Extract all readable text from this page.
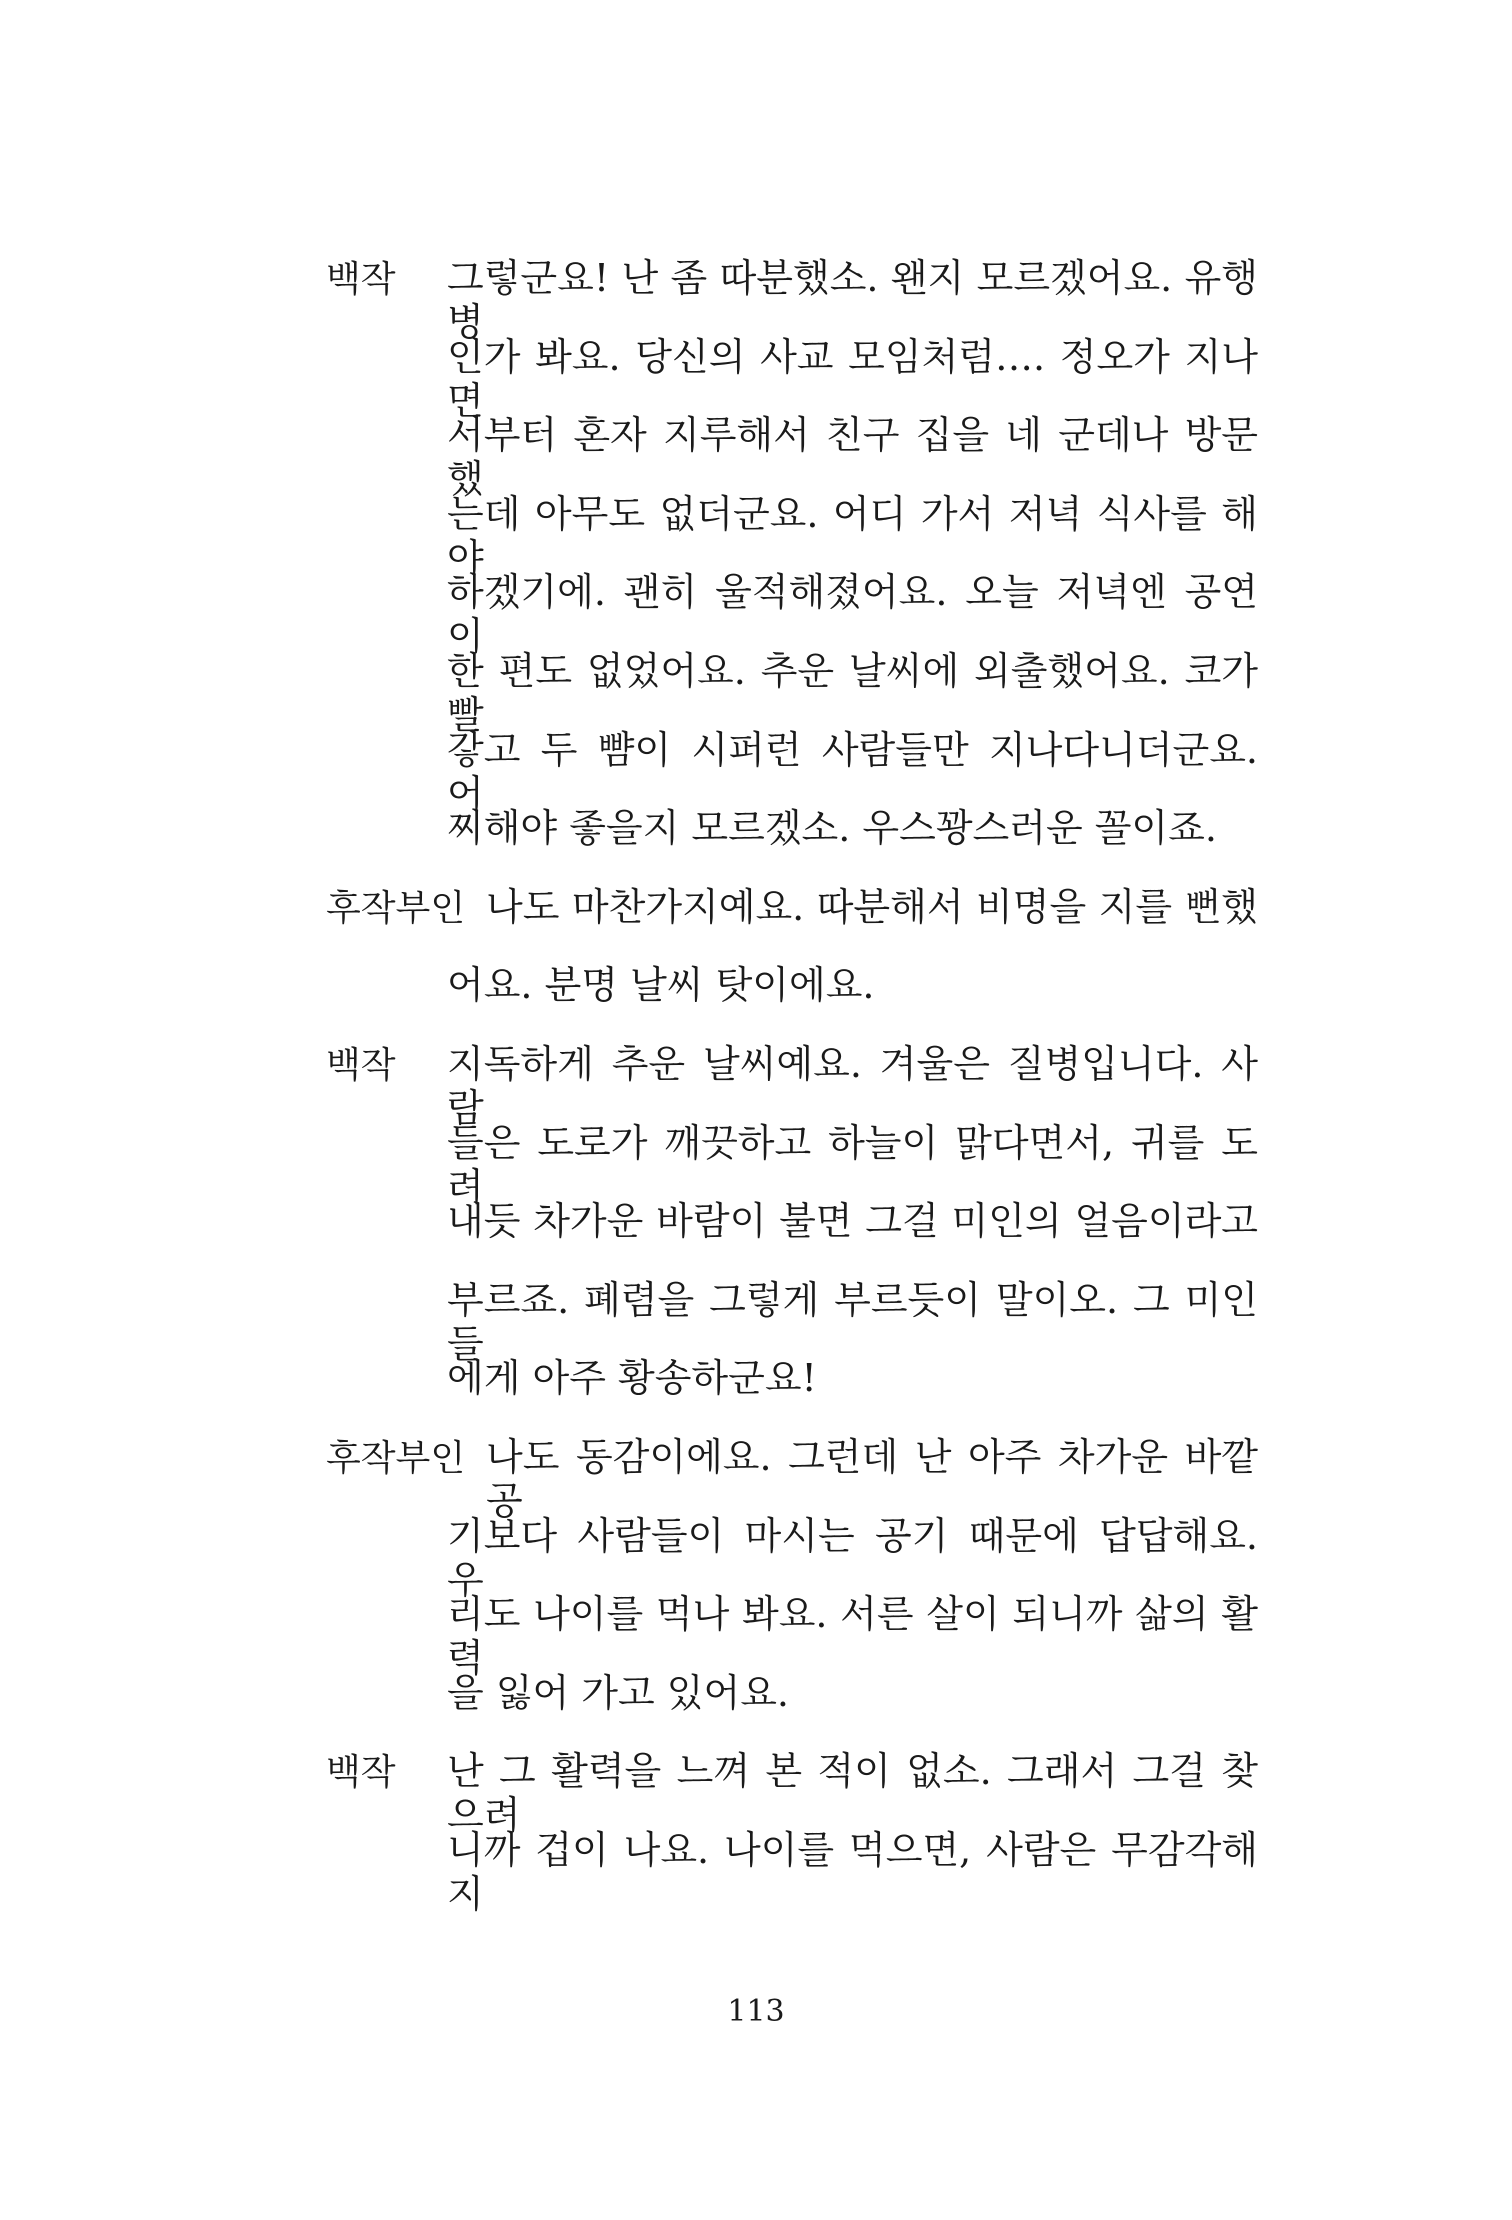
백작 그렇군요! 난 좀 따분했소. 왠지 모르겠어요. 유행병
인가 봐요. 당신의 사교 모임처럼…. 정오가 지나면
서부터 혼자 지루해서 친구 집을 네 군데나 방문했
는데 아무도 없더군요. 어디 가서 저녁 식사를 해야
하겠기에. 괜히 울적해졌어요. 오늘 저녁엔 공연이
한 편도 없었어요. 추운 날씨에 외출했어요. 코가 빨
갛고 두 뺨이 시퍼런 사람들만 지나다니더군요. 어
찌해야 좋을지 모르겠소. 우스꽝스러운 꼴이죠.
후작부인 나도 마찬가지예요. 따분해서 비명을 지를 뻔했
어요. 분명 날씨 탓이에요.
백작 지독하게 추운 날씨예요. 겨울은 질병입니다. 사람
들은 도로가 깨끗하고 하늘이 맑다면서, 귀를 도려
내듯 차가운 바람이 불면 그걸 미인의 얼음이라고
부르죠. 폐렴을 그렇게 부르듯이 말이오. 그 미인들
에게 아주 황송하군요!
후작부인 나도 동감이에요. 그런데 난 아주 차가운 바깥 공
기보다 사람들이 마시는 공기 때문에 답답해요. 우
리도 나이를 먹나 봐요. 서른 살이 되니까 삶의 활력
을 잃어 가고 있어요.
백작 난 그 활력을 느껴 본 적이 없소. 그래서 그걸 찾으려
니까 겁이 나요. 나이를 먹으면, 사람은 무감각해지
113
